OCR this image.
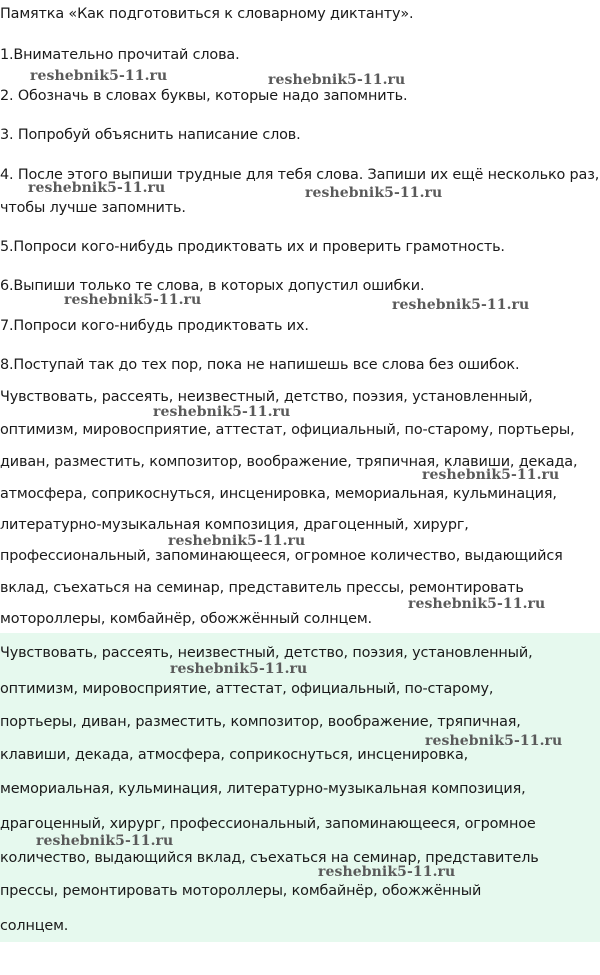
Памятка «Как подготовиться к словарному диктанту».
1.Внимательно прочитай слова.
2. Обозначь в словах буквы, которые надо запомнить.
3. Попробуй объяснить написание слов.
4. После этого выпиши трудные для тебя слова. Запиши их ещё несколько раз,
чтобы лучше запомнить.
5.Попроси кого-нибудь продиктовать их и проверить грамотность.
6.Выпиши только те слова, в которых допустил ошибки.
7.Попроси кого-нибудь продиктовать их.
8.Поступай так до тех пор, пока не напишешь все слова без ошибок.
Чувствовать, рассеять, неизвестный, детство, поэзия, установленный,
оптимизм, мировосприятие, аттестат, официальный, по-старому, портьеры,
диван, разместить, композитор, воображение, тряпичная, клавиши, декада,
атмосфера, соприкоснуться, инсценировка, мемориальная, кульминация,
литературно-музыкальная композиция, драгоценный, хирург,
профессиональный, запоминающееся, огромное количество, выдающийся
вклад, съехаться на семинар, представитель прессы, ремонтировать
мотороллеры, комбайнёр, обожжённый солнцем.
Чувствовать, рассеять, неизвестный, детство, поэзия, установленный,
оптимизм, мировосприятие, аттестат, официальный, по-старому,
портьеры, диван, разместить, композитор, воображение, тряпичная,
клавиши, декада, атмосфера, соприкоснуться, инсценировка,
мемориальная, кульминация, литературно-музыкальная композиция,
драгоценный, хирург, профессиональный, запоминающееся, огромное
количество, выдающийся вклад, съехаться на семинар, представитель
прессы, ремонтировать мотороллеры, комбайнёр, обожжённый
солнцем.
reshebnik5-11.ru	reshebnik5-11.ru
reshebnik5-11.ru	reshebnik5-11.ru
reshebnik5-11.ru	reshebnik5-11.ru
reshebnik5-11.ru
reshebnik5-11.ru
reshebnik5-11.ru
reshebnik5-11.ru
reshebnik5-11.ru
reshebnik5-11.ru
reshebnik5-11.ru
reshebnik5-11.ru
